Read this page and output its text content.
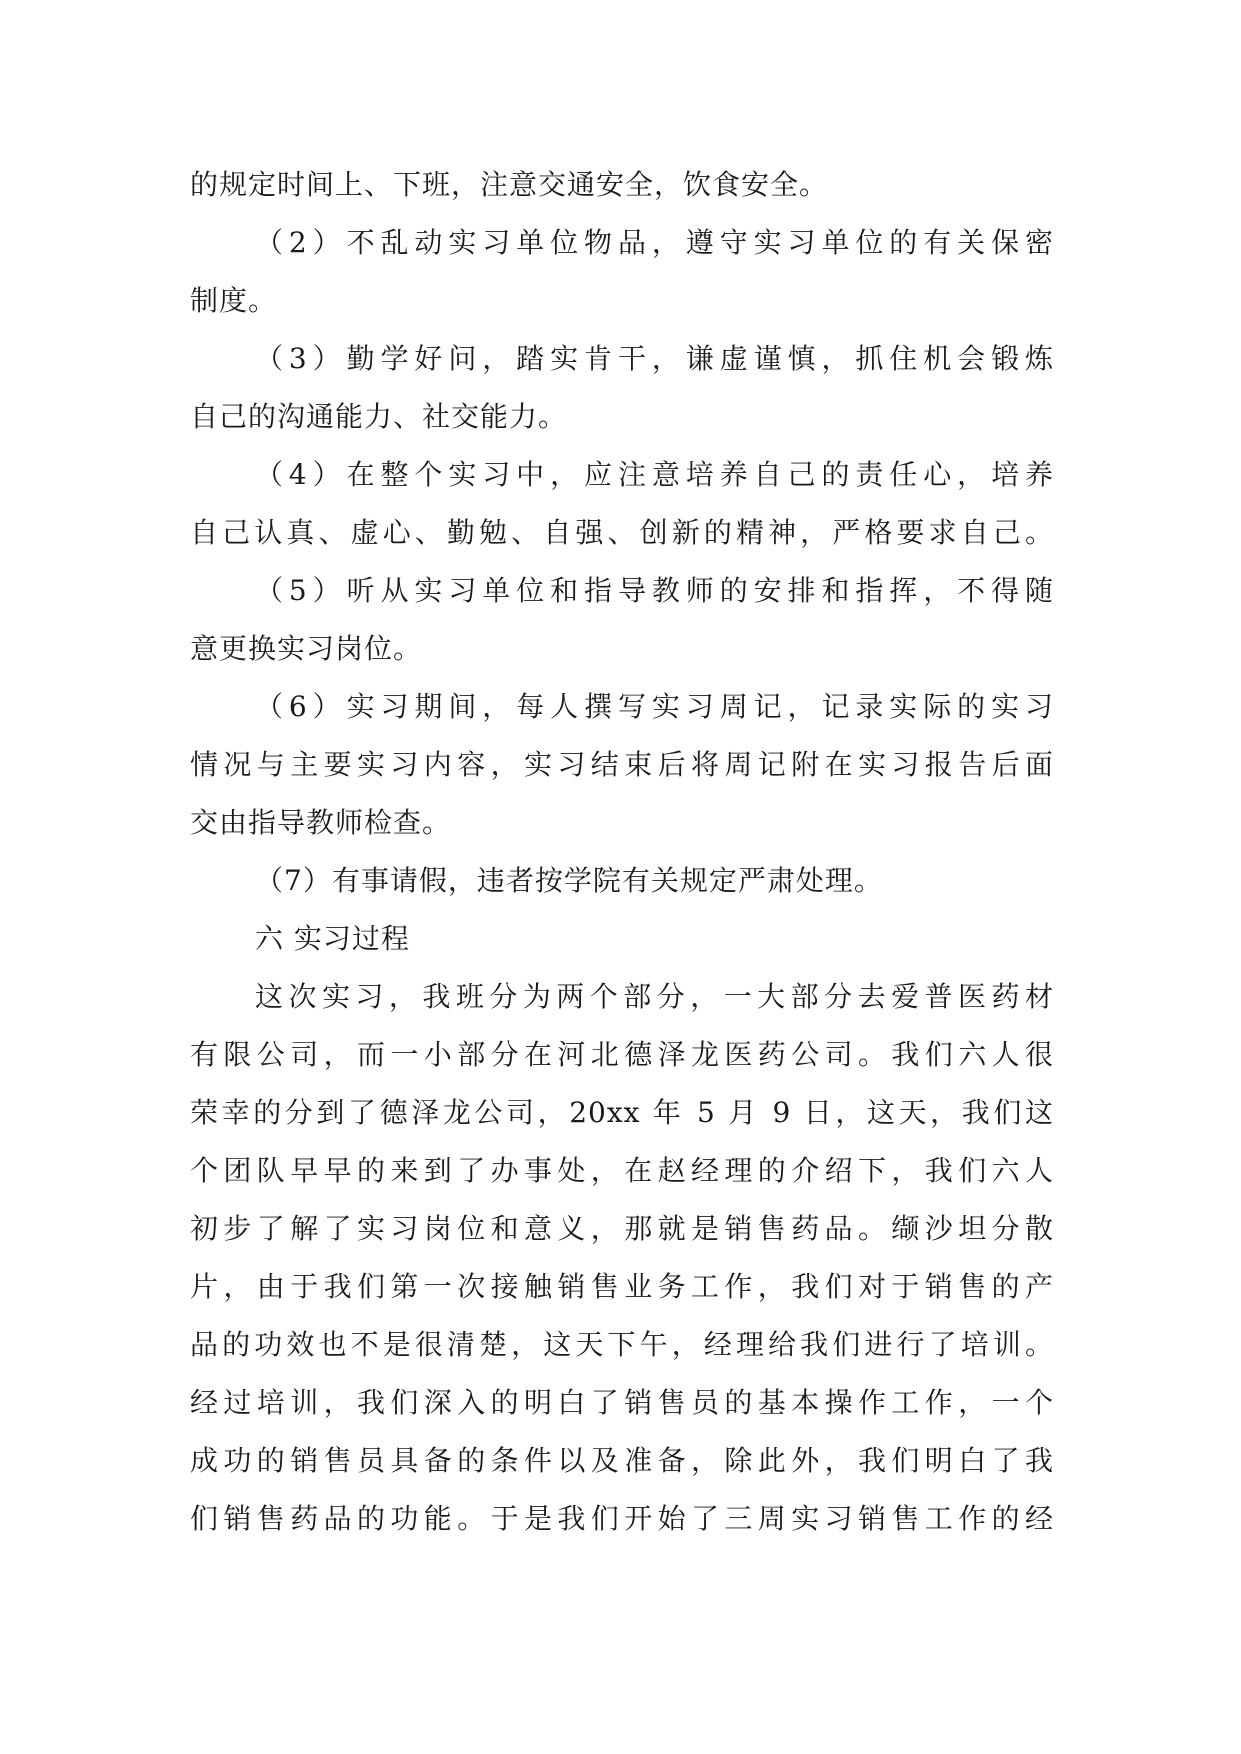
的规定时间上、下班，注意交通安全，饮食安全。
（2）不乱动实习单位物品，遵守实习单位的有关保密
制度。
（3）勤学好问，踏实肯干，谦虚谨慎，抓住机会锻炼
自己的沟通能力、社交能力。
（4）在整个实习中，应注意培养自己的责任心，培养
自己认真、虚心、勤勉、自强、创新的精神，严格要求自己。
（5）听从实习单位和指导教师的安排和指挥，不得随
意更换实习岗位。
（6）实习期间，每人撰写实习周记，记录实际的实习
情况与主要实习内容，实习结束后将周记附在实习报告后面
交由指导教师检查。
（7）有事请假，违者按学院有关规定严肃处理。
六 实习过程
这次实习，我班分为两个部分，一大部分去爱普医药材
有限公司，而一小部分在河北德泽龙医药公司。我们六人很
荣幸的分到了德泽龙公司，20xx 年 5 月 9 日，这天，我们这
个团队早早的来到了办事处，在赵经理的介绍下，我们六人
初步了解了实习岗位和意义，那就是销售药品。缬沙坦分散
片，由于我们第一次接触销售业务工作，我们对于销售的产
品的功效也不是很清楚，这天下午，经理给我们进行了培训。
经过培训，我们深入的明白了销售员的基本操作工作，一个
成功的销售员具备的条件以及准备，除此外，我们明白了我
们销售药品的功能。于是我们开始了三周实习销售工作的经
